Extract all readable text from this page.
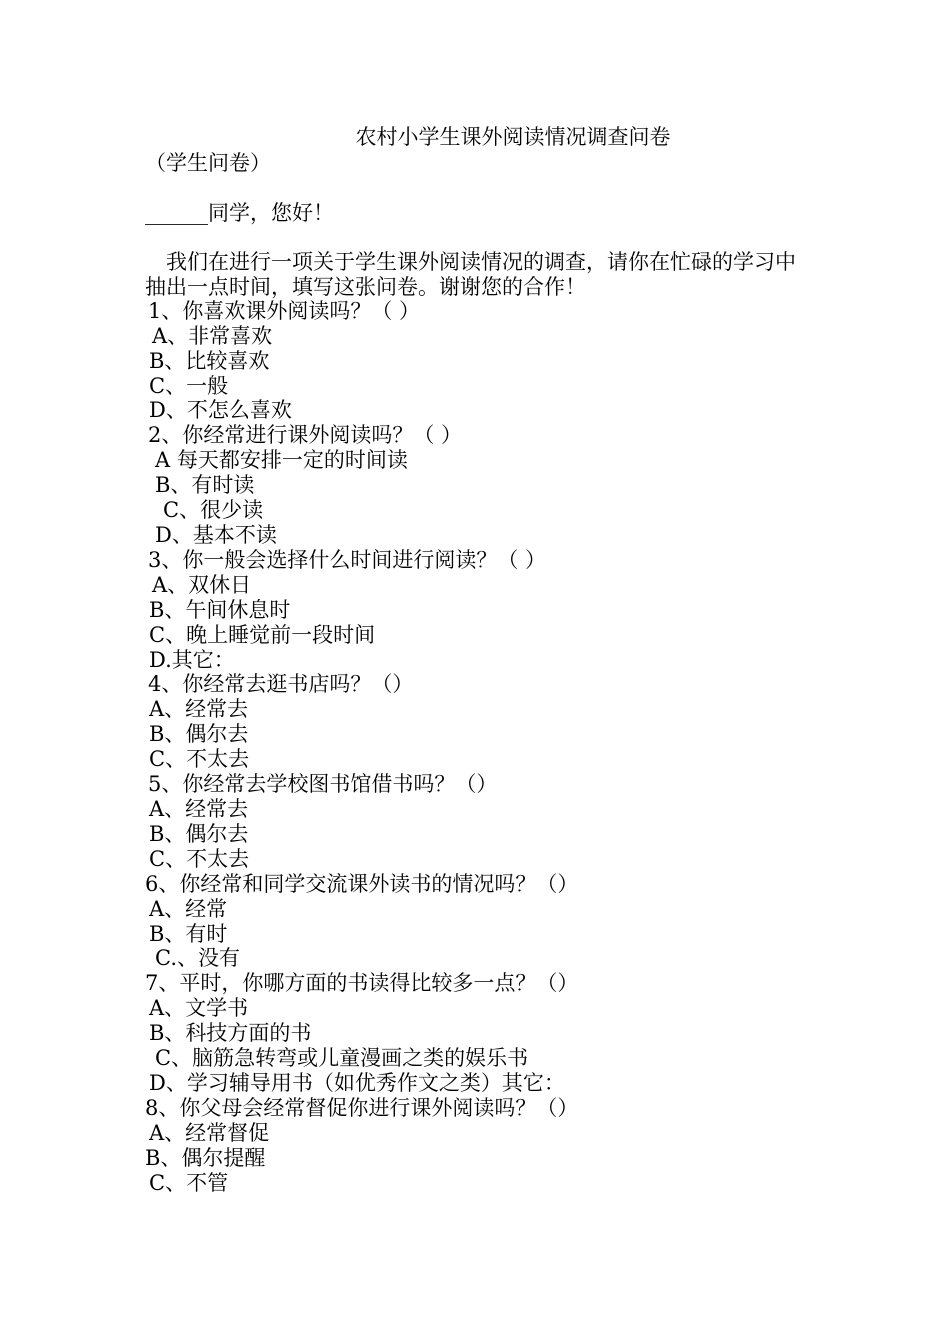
农村小学生课外阅读情况调查问卷
（学生问卷）
______同学，您好！
我们在进行一项关于学生课外阅读情况的调查，请你在忙碌的学习中抽出一点时间，填写这张问卷。谢谢您的合作！
1、你喜欢课外阅读吗？（ ）
A、非常喜欢
B、比较喜欢
C、一般
D、不怎么喜欢
2、你经常进行课外阅读吗？（ ）
A 每天都安排一定的时间读
B、有时读
C、很少读
D、基本不读
3、你一般会选择什么时间进行阅读？（ ）
A、双休日
B、午间休息时
C、晚上睡觉前一段时间
D.其它：
4、你经常去逛书店吗？（）
A、经常去
B、偶尔去
C、不太去
5、你经常去学校图书馆借书吗？（）
A、经常去
B、偶尔去
C、不太去
6、你经常和同学交流课外读书的情况吗？（）
A、经常
B、有时
C.、没有
7、平时，你哪方面的书读得比较多一点？（）
A、文学书
B、科技方面的书
C、脑筋急转弯或儿童漫画之类的娱乐书
D、学习辅导用书（如优秀作文之类）其它：
8、你父母会经常督促你进行课外阅读吗？（）
A、经常督促
B、偶尔提醒
C、不管
